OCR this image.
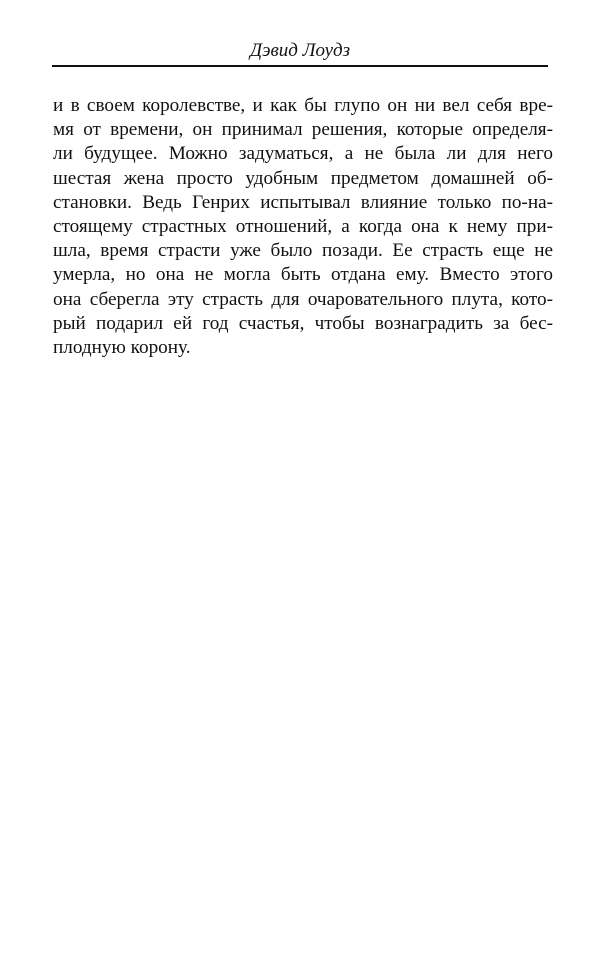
Дэвид Лоудз
и в своем королевстве, и как бы глупо он ни вел себя вре-
мя от времени, он принимал решения, которые определя-
ли будущее. Можно задуматься, а не была ли для него
шестая жена просто удобным предметом домашней об-
становки. Ведь Генрих испытывал влияние только по-на-
стоящему страстных отношений, а когда она к нему при-
шла, время страсти уже было позади. Ее страсть еще не
умерла, но она не могла быть отдана ему. Вместо этого
она сберегла эту страсть для очаровательного плута, кото-
рый подарил ей год счастья, чтобы вознаградить за бес-
плодную корону.
